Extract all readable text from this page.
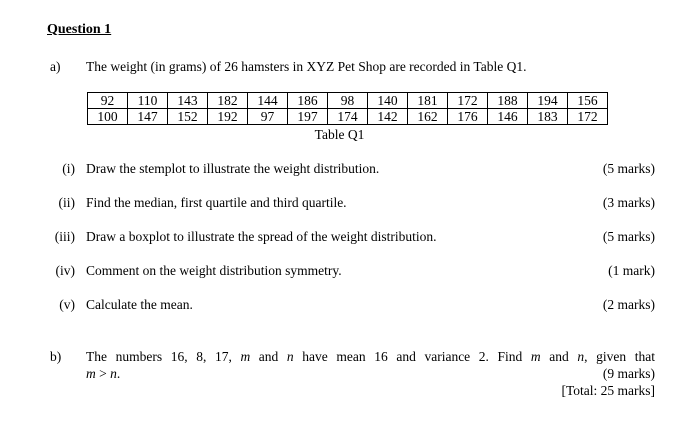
Question 1
a) The weight (in grams) of 26 hamsters in XYZ Pet Shop are recorded in Table Q1.
92	110	143	182	144	186	98	140	181	172	188	194	156
100	147	152	192	97	197	174	142	162	176	146	183	172
Table Q1
(i) Draw the stemplot to illustrate the weight distribution.	(5 marks)
(ii) Find the median, first quartile and third quartile.	(3 marks)
(iii) Draw a boxplot to illustrate the spread of the weight distribution.	(5 marks)
(iv) Comment on the weight distribution symmetry.	(1 mark)
(v) Calculate the mean.	(2 marks)
b) The numbers 16, 8, 17, m and n have mean 16 and variance 2. Find m and n, given that
m > n.	(9 marks)
[Total: 25 marks]
